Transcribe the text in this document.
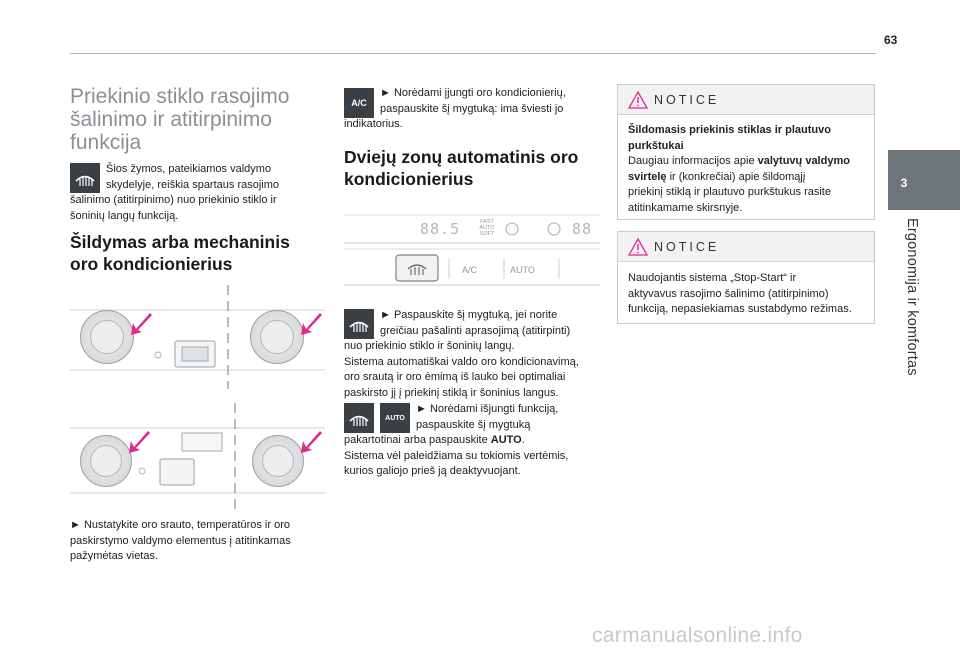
63
3
Ergonomija ir komfortas
Priekinio stiklo rasojimo
šalinimo ir atitirpinimo
funkcija
Šios žymos, pateikiamos valdymo
skydelyje, reiškia spartaus rasojimo
šalinimo (atitirpinimo) nuo priekinio stiklo ir
šoninių langų funkciją.
Šildymas arba mechaninis
oro kondicionierius
► Nustatykite oro srauto, temperatūros ir oro
paskirstymo valdymo elementus į atitinkamas
pažymėtas vietas.
A/C
► Norėdami įjungti oro kondicionierių,
paspauskite šį mygtuką: ima šviesti jo
indikatorius.
Dviejų zonų automatinis oro
kondicionierius
88.5	FAST
AUTO
SOFT	88
A/C	AUTO
► Paspauskite šį mygtuką, jei norite
greičiau pašalinti aprasojimą (atitirpinti)
nuo priekinio stiklo ir šoninių langų.
Sistema automatiškai valdo oro kondicionavimą,
oro srautą ir oro ėmimą iš lauko bei optimaliai
paskirsto jį į priekinį stiklą ir šoninius langus.
AUTO
► Norėdami išjungti funkciją,
paspauskite šį mygtuką
pakartotinai arba paspauskite AUTO.
Sistema vėl paleidžiama su tokiomis vertėmis,
kurios galiojo prieš ją deaktyvuojant.
NOTICE
Šildomasis priekinis stiklas ir plautuvo
purkštukai
Daugiau informacijos apie valytuvų valdymo
svirtelę ir (konkrečiai) apie šildomąjį
priekinį stiklą ir plautuvo purkštukus rasite
atitinkamame skirsnyje.
NOTICE
Naudojantis sistema „Stop-Start“ ir
aktyvavus rasojimo šalinimo (atitirpinimo)
funkciją, nepasiekiamas sustabdymo režimas.
carmanualsonline.info
